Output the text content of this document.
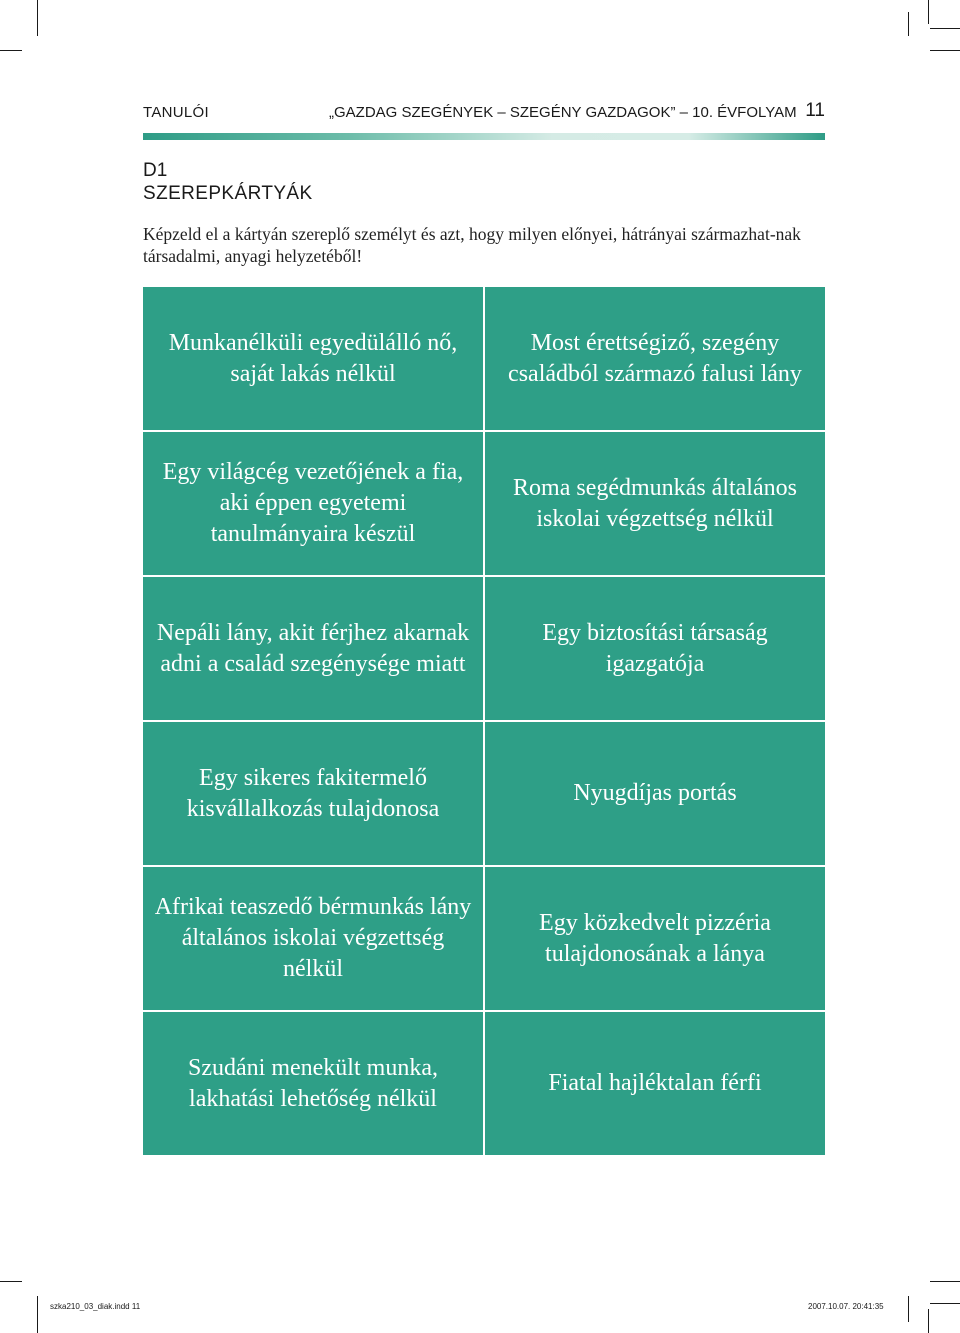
TANULÓI	„GAZDAG SZEGÉNYEK – SZEGÉNY GAZDAGOK” – 10. ÉVFOLYAM 11
D1
SZEREPKÁRTYÁK
Képzeld el a kártyán szereplő személyt és azt, hogy milyen előnyei, hátrányai származhat-nak társadalmi, anyagi helyzetéből!
Munkanélküli egyedülálló nő, saját lakás nélkül
Most érettségiző, szegény családból származó falusi lány
Egy világcég vezetőjének a fia, aki éppen egyetemi tanulmányaira készül
Roma segédmunkás általános iskolai végzettség nélkül
Nepáli lány, akit férjhez akarnak adni a család szegénysége miatt
Egy biztosítási társaság igazgatója
Egy sikeres fakitermelő kisvállalkozás tulajdonosa
Nyugdíjas portás
Afrikai teaszedő bérmunkás lány általános iskolai végzettség nélkül
Egy közkedvelt pizzéria tulajdonosának a lánya
Szudáni menekült munka, lakhatási lehetőség nélkül
Fiatal hajléktalan férfi
szka210_03_diak.indd 11	2007.10.07. 20:41:35
